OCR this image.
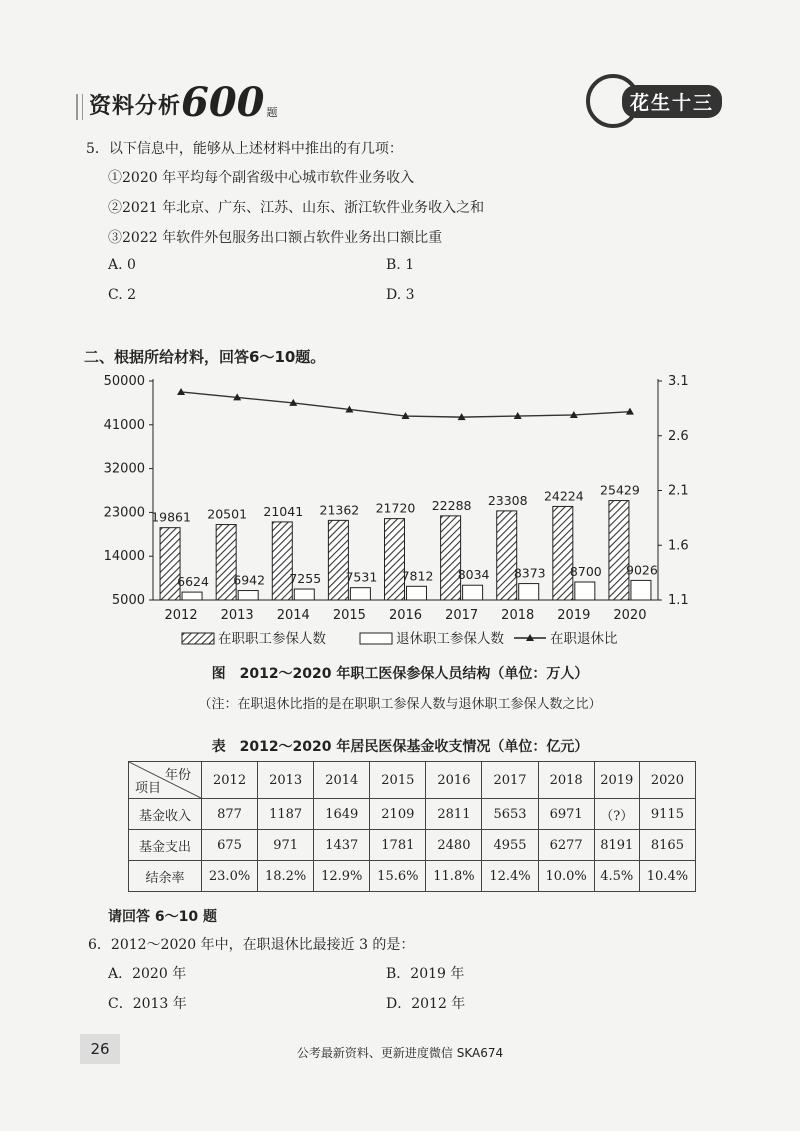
资料分析 600 题	花生十三
5．以下信息中，能够从上述材料中推出的有几项：
①2020 年平均每个副省级中心城市软件业务收入
②2021 年北京、广东、江苏、山东、浙江软件业务收入之和
③2022 年软件外包服务出口额占软件业务出口额比重
A. 0	B. 1
C. 2	D. 3
二、根据所给材料，回答6～10题。
50000
41000
32000
23000
14000
5000
3.1
2.6
2.1
1.6
1.1
19861
6624
2012
20501
6942
2013
21041
7255
2014
21362
7531
2015
21720
7812
2016
22288
8034
2017
23308
8373
2018
24224
8700
2019
25429
9026
2020
在职职工参保人数	退休职工参保人数	在职退休比
图　2012～2020 年职工医保参保人员结构（单位：万人）
（注：在职退休比指的是在职职工参保人数与退休职工参保人数之比）
表　2012～2020 年居民医保基金收支情况（单位：亿元）
年份
项目	2012	2013	2014	2015	2016	2017	2018	2019	2020
基金收入	877	1187	1649	2109	2811	5653	6971	（?）	9115
基金支出	675	971	1437	1781	2480	4955	6277	8191	8165
结余率	23.0%	18.2%	12.9%	15.6%	11.8%	12.4%	10.0%	4.5%	10.4%
请回答 6～10 题
6．2012～2020 年中，在职退休比最接近 3 的是：
A．2020 年	B．2019 年
C．2013 年	D．2012 年
26	公考最新资料、更新进度微信 SKA674
